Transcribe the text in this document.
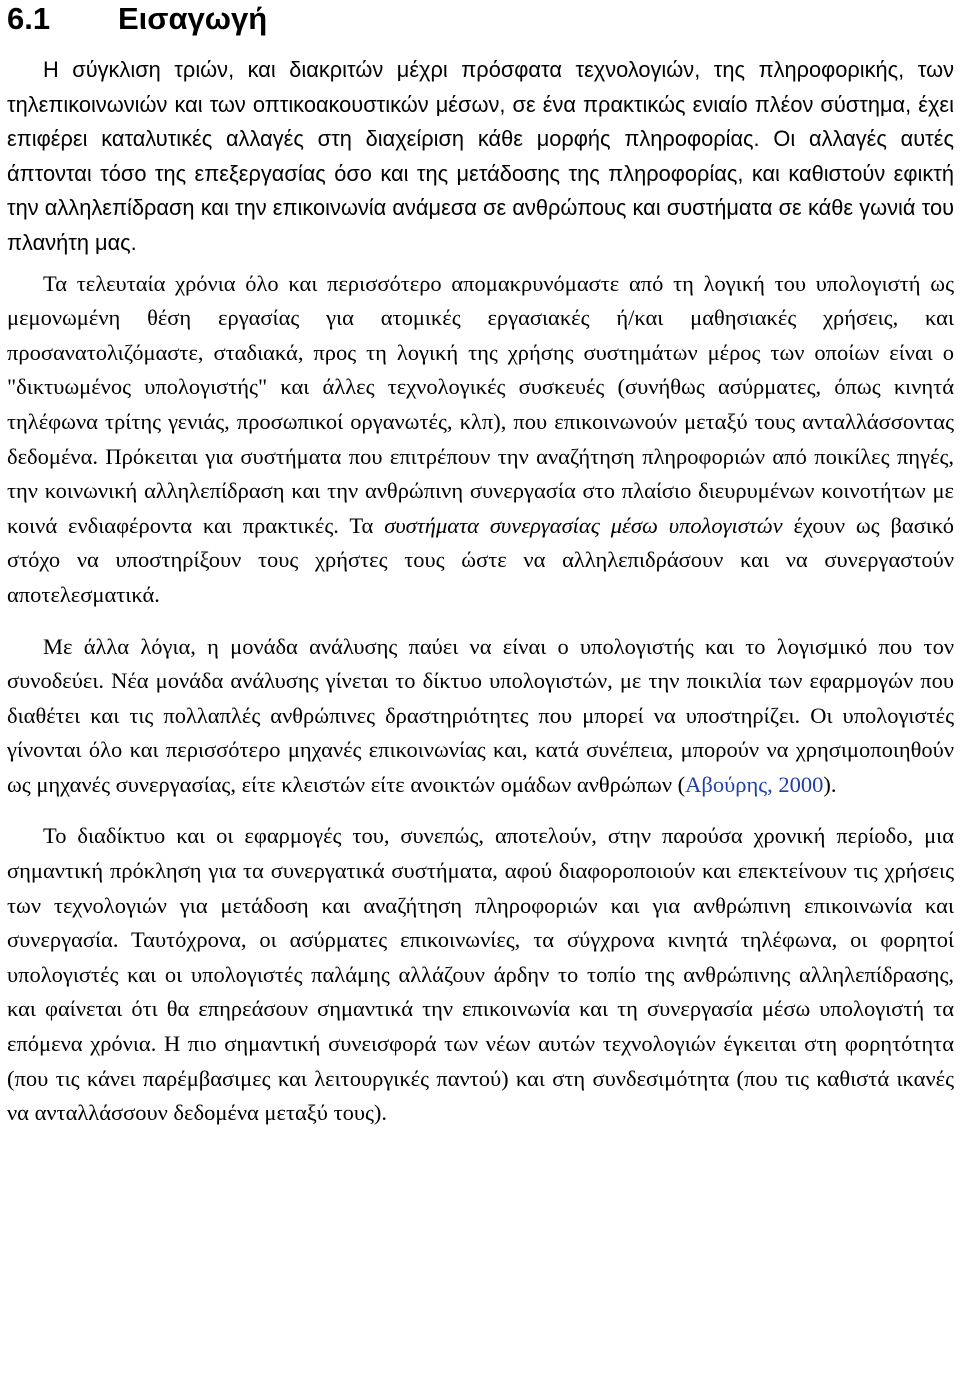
6.1 Εισαγωγή

Η σύγκλιση τριών, και διακριτών μέχρι πρόσφατα τεχνολογιών, της πληροφορικής, των τηλεπικοινωνιών και των οπτικοακουστικών μέσων, σε ένα πρακτικώς ενιαίο πλέον σύστημα, έχει επιφέρει καταλυτικές αλλαγές στη διαχείριση κάθε μορφής πληροφορίας. Οι αλλαγές αυτές άπτονται τόσο της επεξεργασίας όσο και της μετάδοσης της πληροφορίας, και καθιστούν εφικτή την αλληλεπίδραση και την επικοινωνία ανάμεσα σε ανθρώπους και συστήματα σε κάθε γωνιά του πλανήτη μας.

Τα τελευταία χρόνια όλο και περισσότερο απομακρυνόμαστε από τη λογική του υπολογιστή ως μεμονωμένη θέση εργασίας για ατομικές εργασιακές ή/και μαθησιακές χρήσεις, και προσανατολιζόμαστε, σταδιακά, προς τη λογική της χρήσης συστημάτων μέρος των οποίων είναι ο "δικτυωμένος υπολογιστής" και άλλες τεχνολογικές συσκευές (συνήθως ασύρματες, όπως κινητά τηλέφωνα τρίτης γενιάς, προσωπικοί οργανωτές, κλπ), που επικοινωνούν μεταξύ τους ανταλλάσσοντας δεδομένα. Πρόκειται για συστήματα που επιτρέπουν την αναζήτηση πληροφοριών από ποικίλες πηγές, την κοινωνική αλληλεπίδραση και την ανθρώπινη συνεργασία στο πλαίσιο διευρυμένων κοινοτήτων με κοινά ενδιαφέροντα και πρακτικές. Τα συστήματα συνεργασίας μέσω υπολογιστών έχουν ως βασικό στόχο να υποστηρίξουν τους χρήστες τους ώστε να αλληλεπιδράσουν και να συνεργαστούν αποτελεσματικά.

Με άλλα λόγια, η μονάδα ανάλυσης παύει να είναι ο υπολογιστής και το λογισμικό που τον συνοδεύει. Νέα μονάδα ανάλυσης γίνεται το δίκτυο υπολογιστών, με την ποικιλία των εφαρμογών που διαθέτει και τις πολλαπλές ανθρώπινες δραστηριότητες που μπορεί να υποστηρίζει. Οι υπολογιστές γίνονται όλο και περισσότερο μηχανές επικοινωνίας και, κατά συνέπεια, μπορούν να χρησιμοποιηθούν ως μηχανές συνεργασίας, είτε κλειστών είτε ανοικτών ομάδων ανθρώπων (Αβούρης, 2000).

Το διαδίκτυο και οι εφαρμογές του, συνεπώς, αποτελούν, στην παρούσα χρονική περίοδο, μια σημαντική πρόκληση για τα συνεργατικά συστήματα, αφού διαφοροποιούν και επεκτείνουν τις χρήσεις των τεχνολογιών για μετάδοση και αναζήτηση πληροφοριών και για ανθρώπινη επικοινωνία και συνεργασία. Ταυτόχρονα, οι ασύρματες επικοινωνίες, τα σύγχρονα κινητά τηλέφωνα, οι φορητοί υπολογιστές και οι υπολογιστές παλάμης αλλάζουν άρδην το τοπίο της ανθρώπινης αλληλεπίδρασης, και φαίνεται ότι θα επηρεάσουν σημαντικά την επικοινωνία και τη συνεργασία μέσω υπολογιστή τα επόμενα χρόνια. Η πιο σημαντική συνεισφορά των νέων αυτών τεχνολογιών έγκειται στη φορητότητα (που τις κάνει παρέμβασιμες και λειτουργικές παντού) και στη συνδεσιμότητα (που τις καθιστά ικανές να ανταλλάσσουν δεδομένα μεταξύ τους).
